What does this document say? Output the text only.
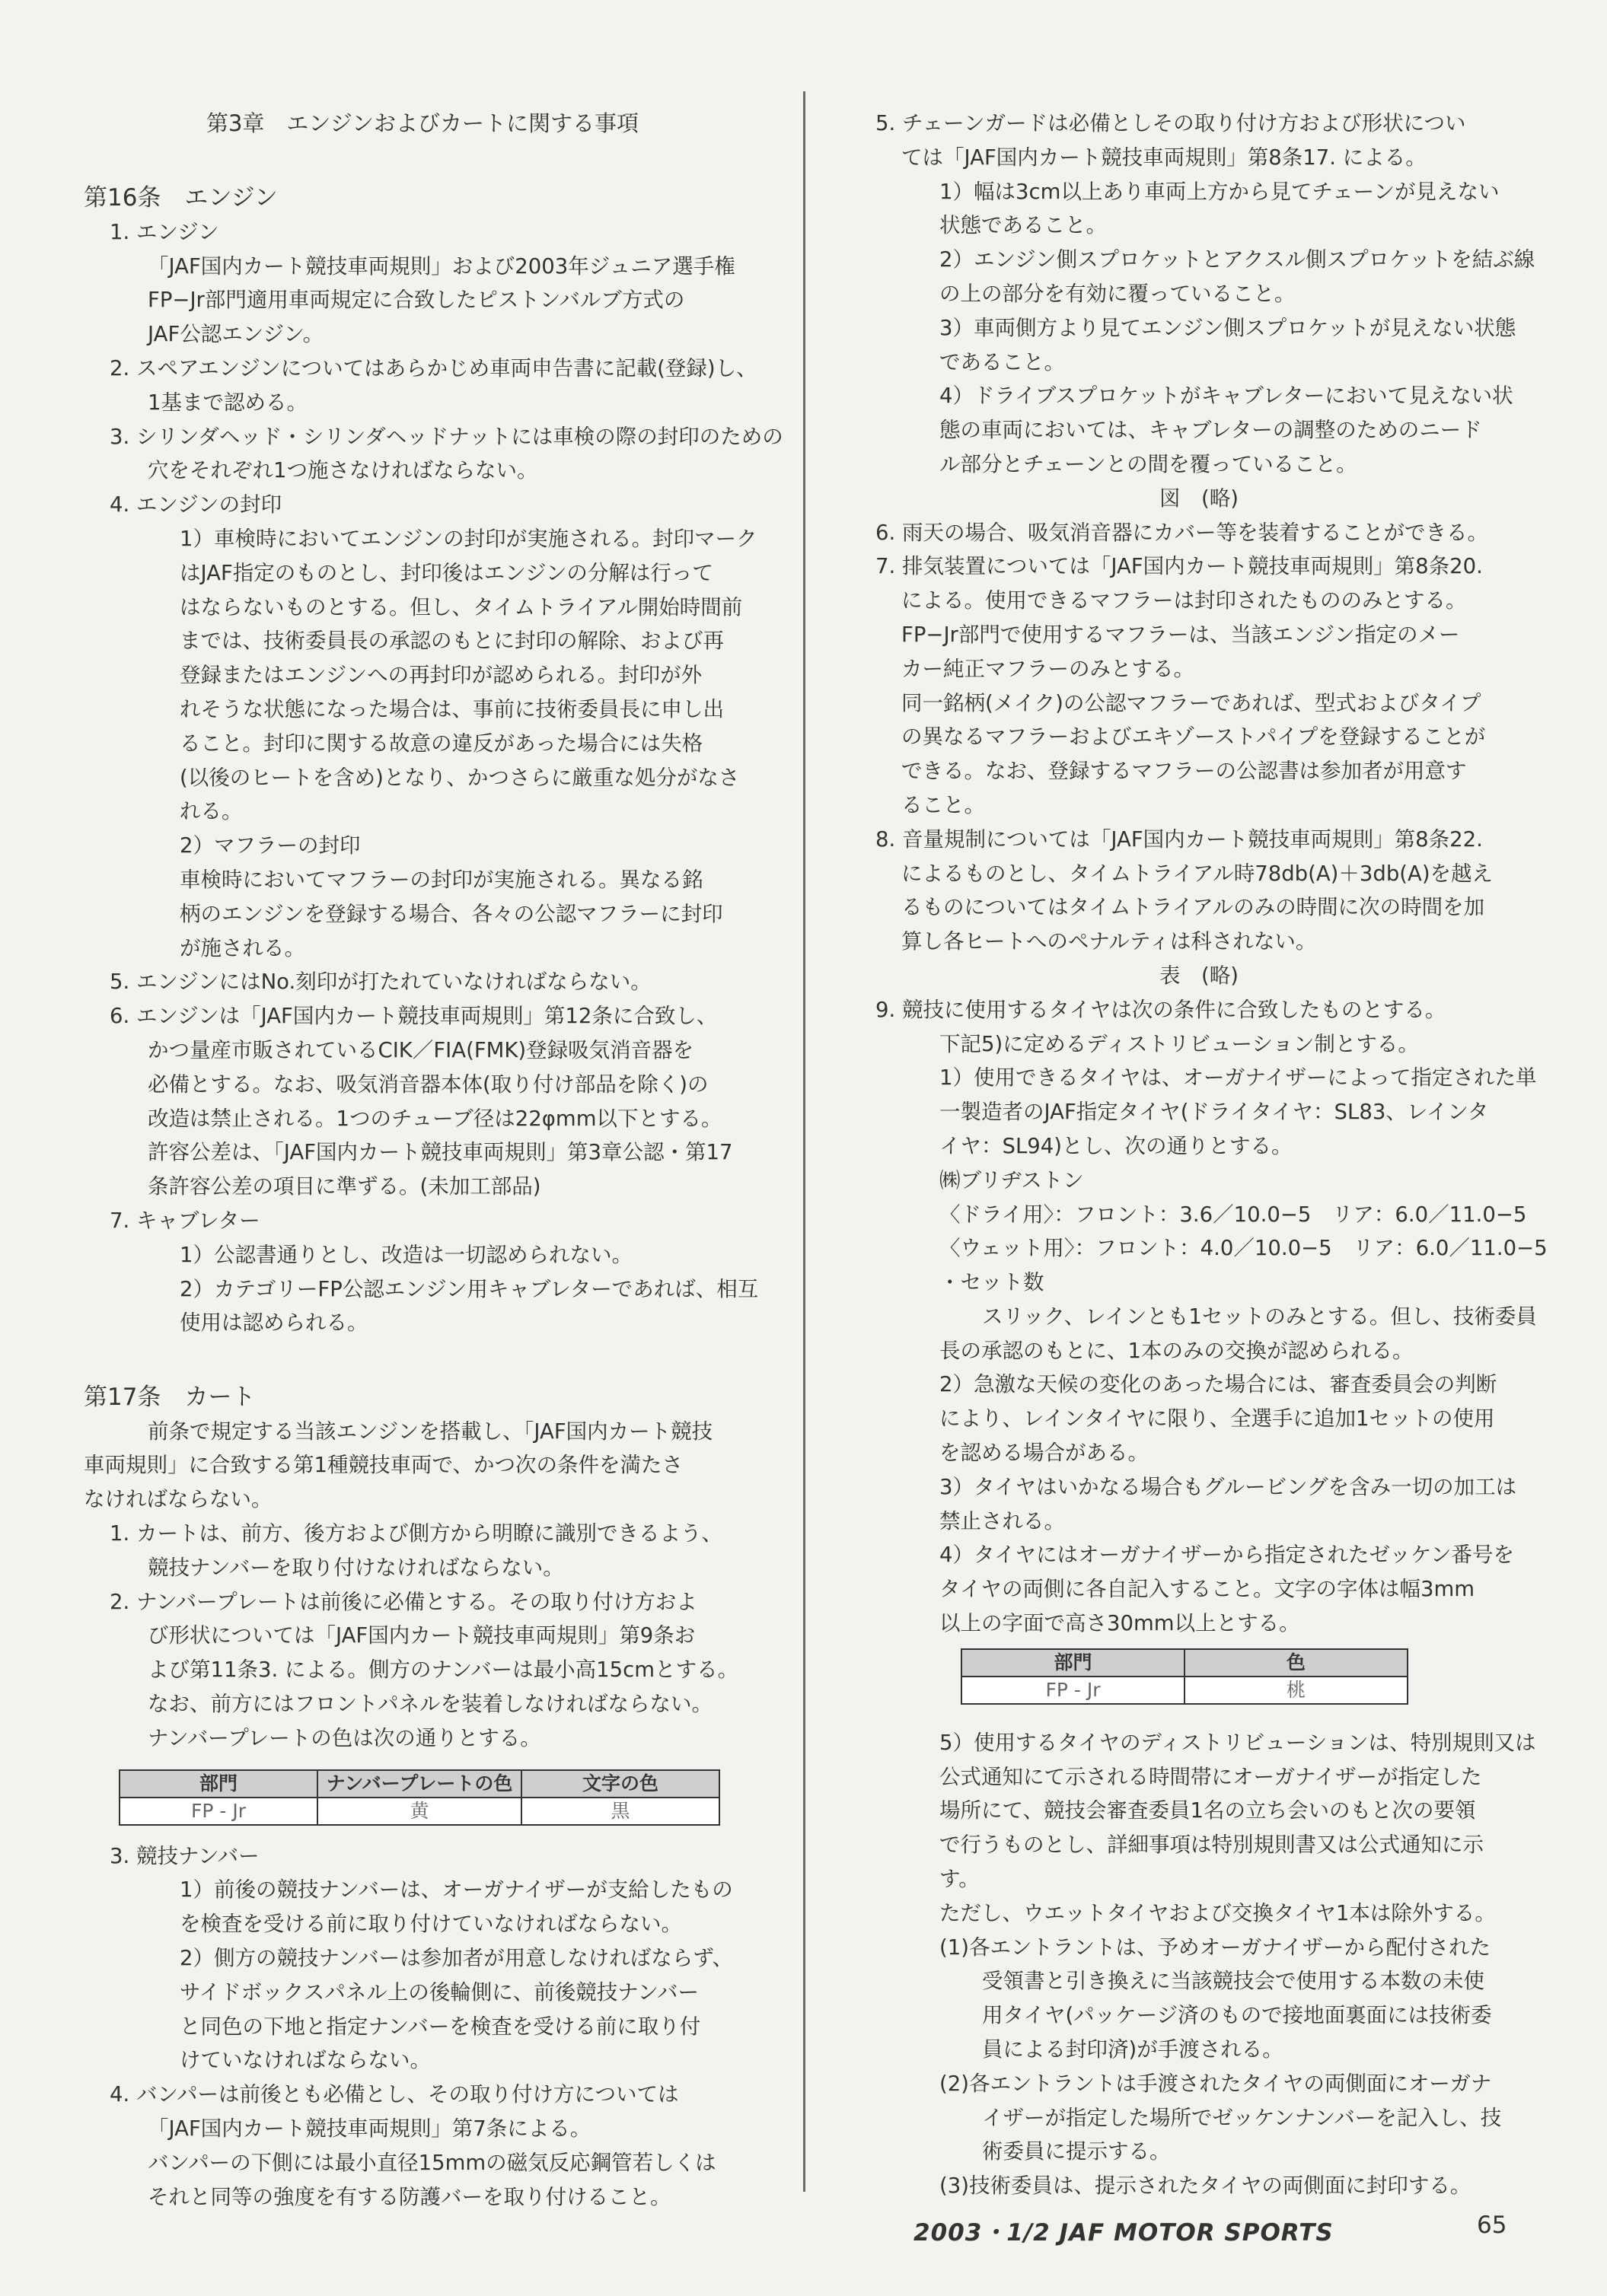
第3章　エンジンおよびカートに関する事項
第16条　エンジン
1. エンジン
「JAF国内カート競技車両規則」および2003年ジュニア選手権
FP−Jr部門適用車両規定に合致したピストンバルブ方式の
JAF公認エンジン。
2. スペアエンジンについてはあらかじめ車両申告書に記載(登録)し、
1基まで認める。
3. シリンダヘッド・シリンダヘッドナットには車検の際の封印のための
穴をそれぞれ1つ施さなければならない。
4. エンジンの封印
1）車検時においてエンジンの封印が実施される。封印マーク
はJAF指定のものとし、封印後はエンジンの分解は行って
はならないものとする。但し、タイムトライアル開始時間前
までは、技術委員長の承認のもとに封印の解除、および再
登録またはエンジンへの再封印が認められる。封印が外
れそうな状態になった場合は、事前に技術委員長に申し出
ること。封印に関する故意の違反があった場合には失格
(以後のヒートを含め)となり、かつさらに厳重な処分がなさ
れる。
2）マフラーの封印
車検時においてマフラーの封印が実施される。異なる銘
柄のエンジンを登録する場合、各々の公認マフラーに封印
が施される。
5. エンジンにはNo.刻印が打たれていなければならない。
6. エンジンは「JAF国内カート競技車両規則」第12条に合致し、
かつ量産市販されているCIK／FIA(FMK)登録吸気消音器を
必備とする。なお、吸気消音器本体(取り付け部品を除く)の
改造は禁止される。1つのチューブ径は22φmm以下とする。
許容公差は、「JAF国内カート競技車両規則」第3章公認・第17
条許容公差の項目に準ずる。(未加工部品)
7. キャブレター
1）公認書通りとし、改造は一切認められない。
2）カテゴリーFP公認エンジン用キャブレターであれば、相互
使用は認められる。
第17条　カート
前条で規定する当該エンジンを搭載し、「JAF国内カート競技
車両規則」に合致する第1種競技車両で、かつ次の条件を満たさ
なければならない。
1. カートは、前方、後方および側方から明瞭に識別できるよう、
競技ナンバーを取り付けなければならない。
2. ナンバープレートは前後に必備とする。その取り付け方およ
び形状については「JAF国内カート競技車両規則」第9条お
よび第11条3. による。側方のナンバーは最小高15cmとする。
なお、前方にはフロントパネルを装着しなければならない。
ナンバープレートの色は次の通りとする。
部門	ナンバープレートの色	文字の色
FP - Jr	黄	黒
3. 競技ナンバー
1）前後の競技ナンバーは、オーガナイザーが支給したもの
を検査を受ける前に取り付けていなければならない。
2）側方の競技ナンバーは参加者が用意しなければならず、
サイドボックスパネル上の後輪側に、前後競技ナンバー
と同色の下地と指定ナンバーを検査を受ける前に取り付
けていなければならない。
4. バンパーは前後とも必備とし、その取り付け方については
「JAF国内カート競技車両規則」第7条による。
バンパーの下側には最小直径15mmの磁気反応鋼管若しくは
それと同等の強度を有する防護バーを取り付けること。
5. チェーンガードは必備としその取り付け方および形状につい
ては「JAF国内カート競技車両規則」第8条17. による。
1）幅は3cm以上あり車両上方から見てチェーンが見えない
状態であること。
2）エンジン側スプロケットとアクスル側スプロケットを結ぶ線
の上の部分を有効に覆っていること。
3）車両側方より見てエンジン側スプロケットが見えない状態
であること。
4）ドライブスプロケットがキャブレターにおいて見えない状
態の車両においては、キャブレターの調整のためのニード
ル部分とチェーンとの間を覆っていること。
図　(略)
6. 雨天の場合、吸気消音器にカバー等を装着することができる。
7. 排気装置については「JAF国内カート競技車両規則」第8条20.
による。使用できるマフラーは封印されたもののみとする。
FP−Jr部門で使用するマフラーは、当該エンジン指定のメー
カー純正マフラーのみとする。
同一銘柄(メイク)の公認マフラーであれば、型式およびタイプ
の異なるマフラーおよびエキゾーストパイプを登録することが
できる。なお、登録するマフラーの公認書は参加者が用意す
ること。
8. 音量規制については「JAF国内カート競技車両規則」第8条22.
によるものとし、タイムトライアル時78db(A)＋3db(A)を越え
るものについてはタイムトライアルのみの時間に次の時間を加
算し各ヒートへのペナルティは科されない。
表　(略)
9. 競技に使用するタイヤは次の条件に合致したものとする。
下記5)に定めるディストリビューション制とする。
1）使用できるタイヤは、オーガナイザーによって指定された単
一製造者のJAF指定タイヤ(ドライタイヤ：SL83、レインタ
イヤ：SL94)とし、次の通りとする。
㈱ブリヂストン
〈ドライ用〉：フロント：3.6／10.0−5　リア：6.0／11.0−5
〈ウェット用〉：フロント：4.0／10.0−5　リア：6.0／11.0−5
・セット数
スリック、レインとも1セットのみとする。但し、技術委員
長の承認のもとに、1本のみの交換が認められる。
2）急激な天候の変化のあった場合には、審査委員会の判断
により、レインタイヤに限り、全選手に追加1セットの使用
を認める場合がある。
3）タイヤはいかなる場合もグルービングを含み一切の加工は
禁止される。
4）タイヤにはオーガナイザーから指定されたゼッケン番号を
タイヤの両側に各自記入すること。文字の字体は幅3mm
以上の字面で高さ30mm以上とする。
部門	色
FP - Jr	桃
5）使用するタイヤのディストリビューションは、特別規則又は
公式通知にて示される時間帯にオーガナイザーが指定した
場所にて、競技会審査委員1名の立ち会いのもと次の要領
で行うものとし、詳細事項は特別規則書又は公式通知に示
す。
ただし、ウエットタイヤおよび交換タイヤ1本は除外する。
(1)各エントラントは、予めオーガナイザーから配付された
受領書と引き換えに当該競技会で使用する本数の未使
用タイヤ(パッケージ済のもので接地面裏面には技術委
員による封印済)が手渡される。
(2)各エントラントは手渡されたタイヤの両側面にオーガナ
イザーが指定した場所でゼッケンナンバーを記入し、技
術委員に提示する。
(3)技術委員は、提示されたタイヤの両側面に封印する。
2003・1/2 JAF MOTOR SPORTS	65
